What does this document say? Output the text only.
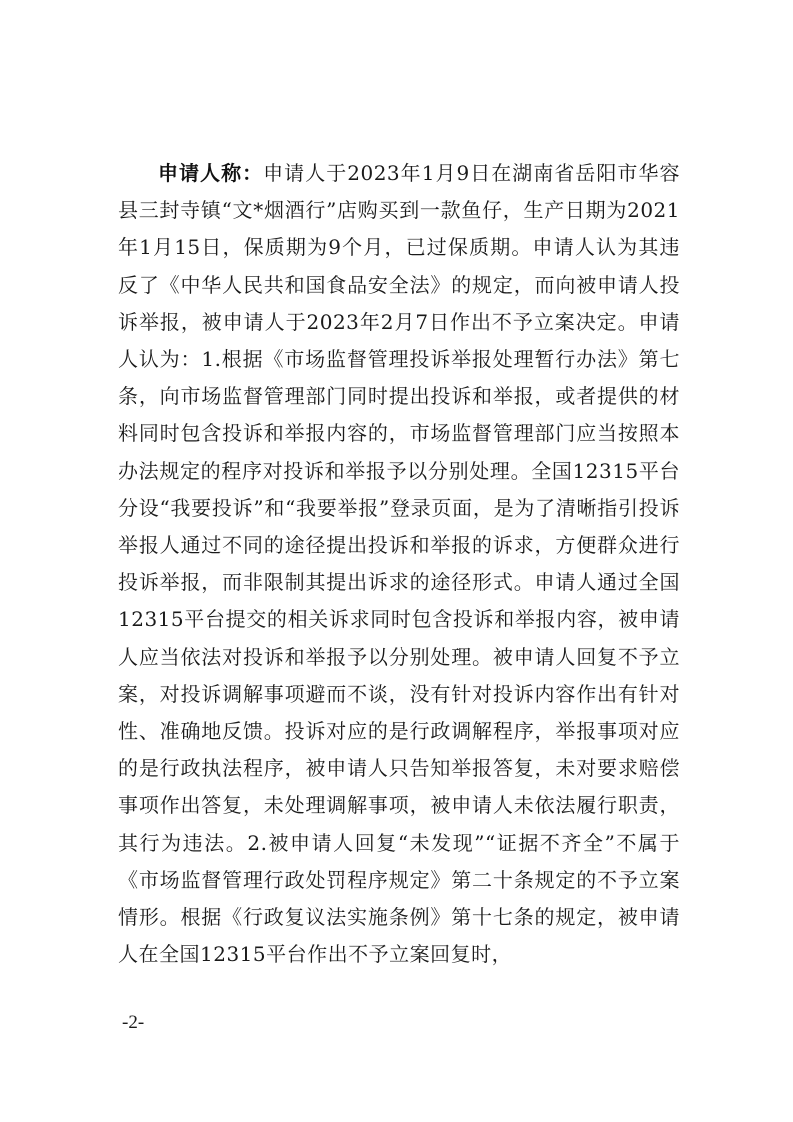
申请人称：申请人于2023年1月9日在湖南省岳阳市华容县三封寺镇“文*烟酒行”店购买到一款鱼仔，生产日期为2021年1月15日，保质期为9个月，已过保质期。申请人认为其违反了《中华人民共和国食品安全法》的规定，而向被申请人投诉举报，被申请人于2023年2月7日作出不予立案决定。申请人认为：1.根据《市场监督管理投诉举报处理暂行办法》第七条，向市场监督管理部门同时提出投诉和举报，或者提供的材料同时包含投诉和举报内容的，市场监督管理部门应当按照本办法规定的程序对投诉和举报予以分别处理。全国12315平台分设“我要投诉”和“我要举报”登录页面，是为了清晰指引投诉举报人通过不同的途径提出投诉和举报的诉求，方便群众进行投诉举报，而非限制其提出诉求的途径形式。申请人通过全国12315平台提交的相关诉求同时包含投诉和举报内容，被申请人应当依法对投诉和举报予以分别处理。被申请人回复不予立案，对投诉调解事项避而不谈，没有针对投诉内容作出有针对性、准确地反馈。投诉对应的是行政调解程序，举报事项对应的是行政执法程序，被申请人只告知举报答复，未对要求赔偿事项作出答复，未处理调解事项，被申请人未依法履行职责，其行为违法。2.被申请人回复“未发现”“证据不齐全”不属于《市场监督管理行政处罚程序规定》第二十条规定的不予立案情形。根据《行政复议法实施条例》第十七条的规定，被申请人在全国12315平台作出不予立案回复时，

-2-
